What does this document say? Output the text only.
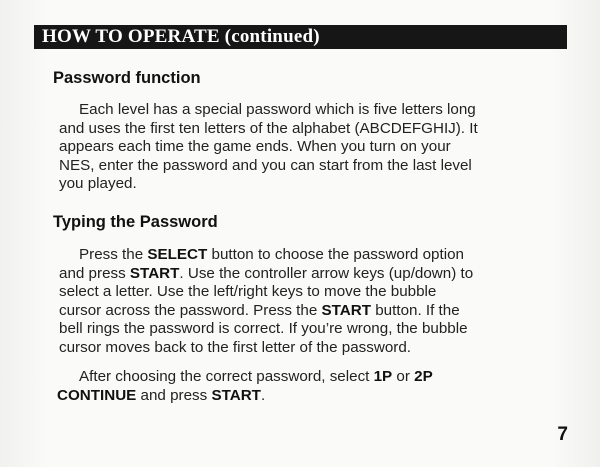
HOW TO OPERATE (continued)
Password function
Each level has a special password which is five letters long
and uses the first ten letters of the alphabet (ABCDEFGHIJ). It
appears each time the game ends. When you turn on your
NES, enter the password and you can start from the last level
you played.
Typing the Password
Press the SELECT button to choose the password option
and press START. Use the controller arrow keys (up/down) to
select a letter. Use the left/right keys to move the bubble
cursor across the password. Press the START button. If the
bell rings the password is correct. If you’re wrong, the bubble
cursor moves back to the first letter of the password.
After choosing the correct password, select 1P or 2P
CONTINUE and press START.
7
